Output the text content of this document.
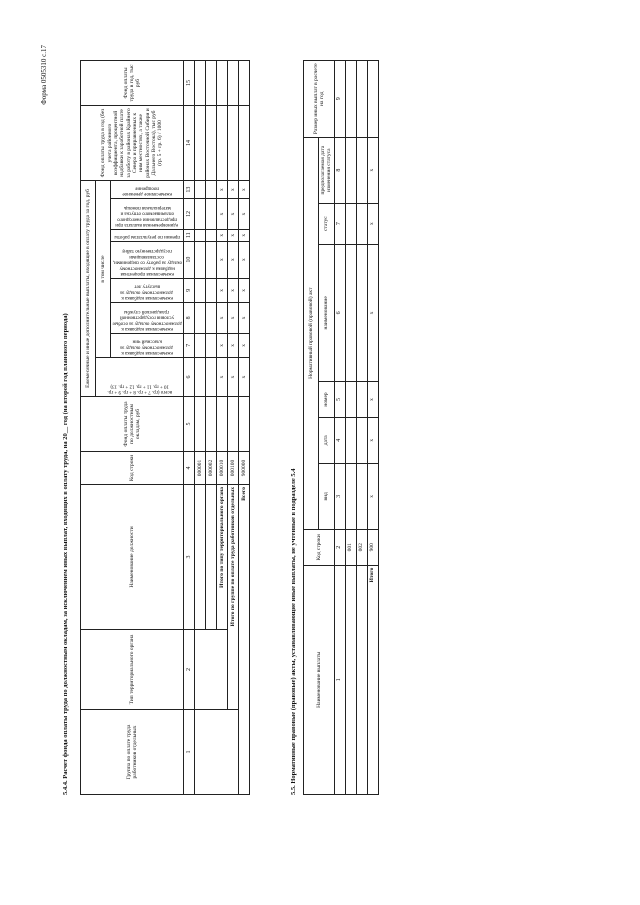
Форма 0505310 с.17
5.4.4. Расчет фонда оплаты труда по должностным окладам, за исключением иных выплат, входящих в оплату труда, на 20__ год (на второй год планового периода)	Группа по оплате труда работников отдельных	Тип территориального органа	Наименование должности	Код строки	Фонд оплаты труда по должностным окладам, руб	Ежемесячные и иные дополнительные выплаты, входящие в оплату труда за год, руб								Фонд оплаты труда в год (без учета районного коэффициента, процентной надбавки к заработной плате за работу в районах Крайнего Севера и приравненных к ним местностях, а также районах Восточной Сибири и Дальнего Востока), тыс руб (гр. 5 + гр. 6) / 1000	Фонд оплаты труда в год, тыс руб

					всего (гр. 7 + гр. 8 + гр. 9 + гр. 10 + гр. 11 + гр. 12 + гр. 13)	в том числе								

						ежемесячная надбавка к должностному окладу за классный чин	ежемесячная надбавка к должностному окладу за особые условия государственной гражданской службы	ежемесячная надбавка к должностному окладу за выслугу лет	ежемесячная процентная надбавка к должностному окладу за работу со сведениями, составляющими государственную тайну	премии по результатам работы	единовременная выплата при предоставлении ежегодного оплачиваемого отпуска и материальная помощь	ежемесячное денежное поощрение		

1	2	3	4	5	6	7	8	9	10	11	12	13	14	15
			000001											
			000002											
		Итого по типу территориального органа	000010		x	x	x	x	x	x	x	x		
	Итого по группе по оплате труда работников отдельных		000100		x	x	x	x	x	x	x	x		
Всего			900000		x	x	x	x	x	x	x	x		
5.5. Нормативные правовые (правовые) акты, устанавливающие иные выплаты, не учтенные в подразделе 5.4	Наименование выплаты	Код строки	Нормативный правовой (правовой) акт						Размер иных выплат в расчете на год
		вид	дата	номер	наименование	статус	предполагаемая дата изменения статуса	
1	2	3	4	5	6	7	8	9
	001							
	002							
Итого	900	x	x	x	x	x	x	
